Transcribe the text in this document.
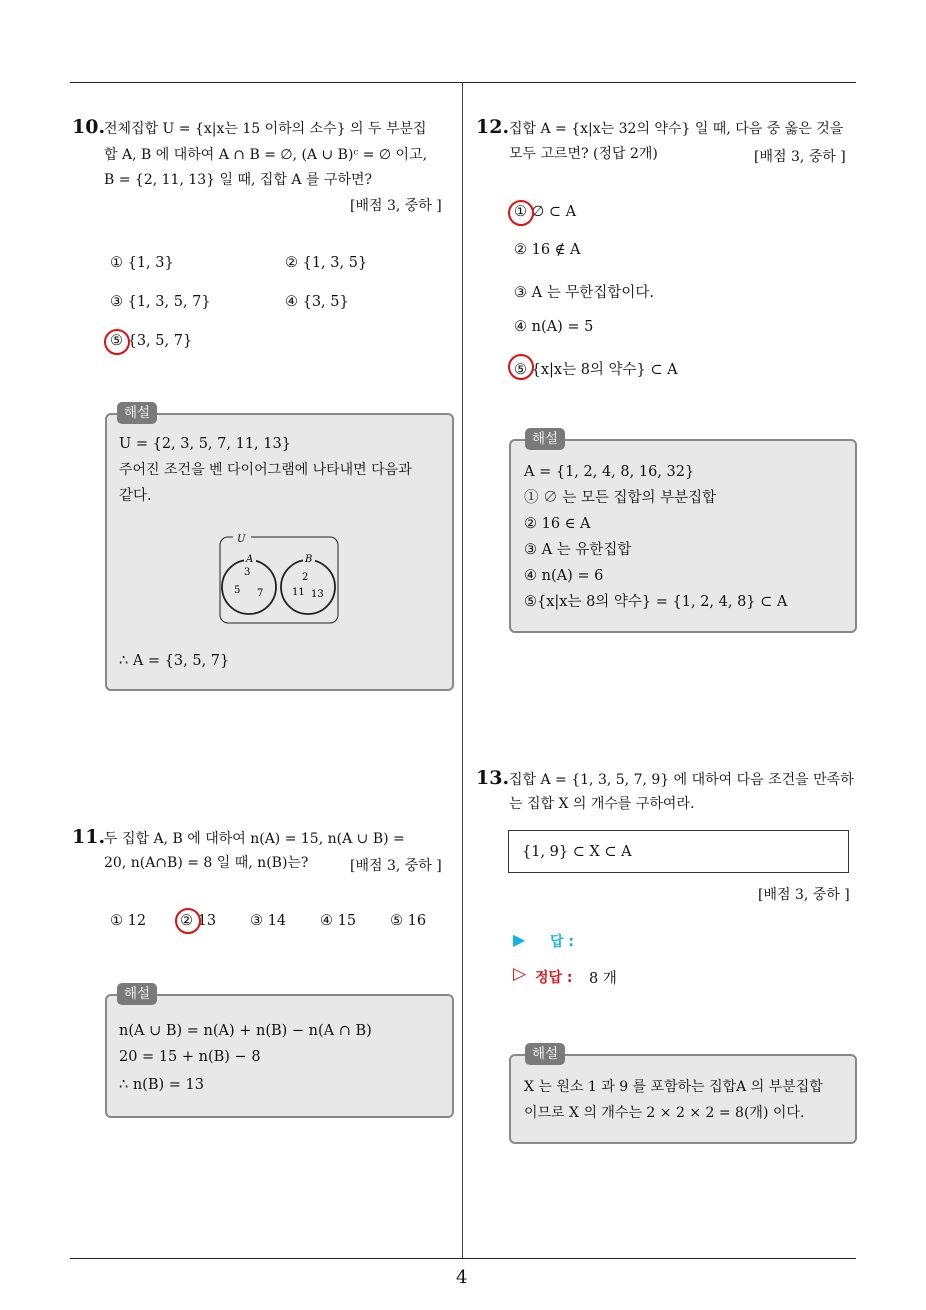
10.
전체집합 U = {x|x는 15 이하의 소수} 의 두 부분집
합 A, B 에 대하여 A ∩ B = ∅, (A ∪ B)ᶜ = ∅ 이고,
B = {2, 11, 13} 일 때, 집합 A 를 구하면?
[배점 3, 중하 ]
① {1, 3}	② {1, 3, 5}
③ {1, 3, 5, 7}	④ {3, 5}
⑤ {3, 5, 7}
해설
U = {2, 3, 5, 7, 11, 13}
주어진 조건을 벤 다이어그램에 나타내면 다음과
같다.
U
A	B
3
5 7
2
11 13
∴ A = {3, 5, 7}
11.
두 집합 A, B 에 대하여 n(A) = 15, n(A ∪ B) =
20, n(A∩B) = 8 일 때, n(B)는?	[배점 3, 중하 ]
① 12 ② 13 ③ 14 ④ 15 ⑤ 16
해설
n(A ∪ B) = n(A) + n(B) − n(A ∩ B)
20 = 15 + n(B) − 8
∴ n(B) = 13
12. 집합 A = {x|x는 32의 약수} 일 때, 다음 중 옳은 것을
모두 고르면? (정답 2개)	[배점 3, 중하 ]
① ∅ ⊂ A
② 16 ∉ A
③ A 는 무한집합이다.
④ n(A) = 5
⑤ {x|x는 8의 약수} ⊂ A
해설
A = {1, 2, 4, 8, 16, 32}
① ∅ 는 모든 집합의 부분집합
② 16 ∈ A
③ A 는 유한집합
④ n(A) = 6
⑤{x|x는 8의 약수} = {1, 2, 4, 8} ⊂ A
13. 집합 A = {1, 3, 5, 7, 9} 에 대하여 다음 조건을 만족하
는 집합 X 의 개수를 구하여라.
{1, 9} ⊂ X ⊂ A
[배점 3, 중하 ]
▶ 답 :
▷ 정답 : 8 개
해설
X 는 원소 1 과 9 를 포함하는 집합A 의 부분집합
이므로 X 의 개수는 2 × 2 × 2 = 8(개) 이다.
4
